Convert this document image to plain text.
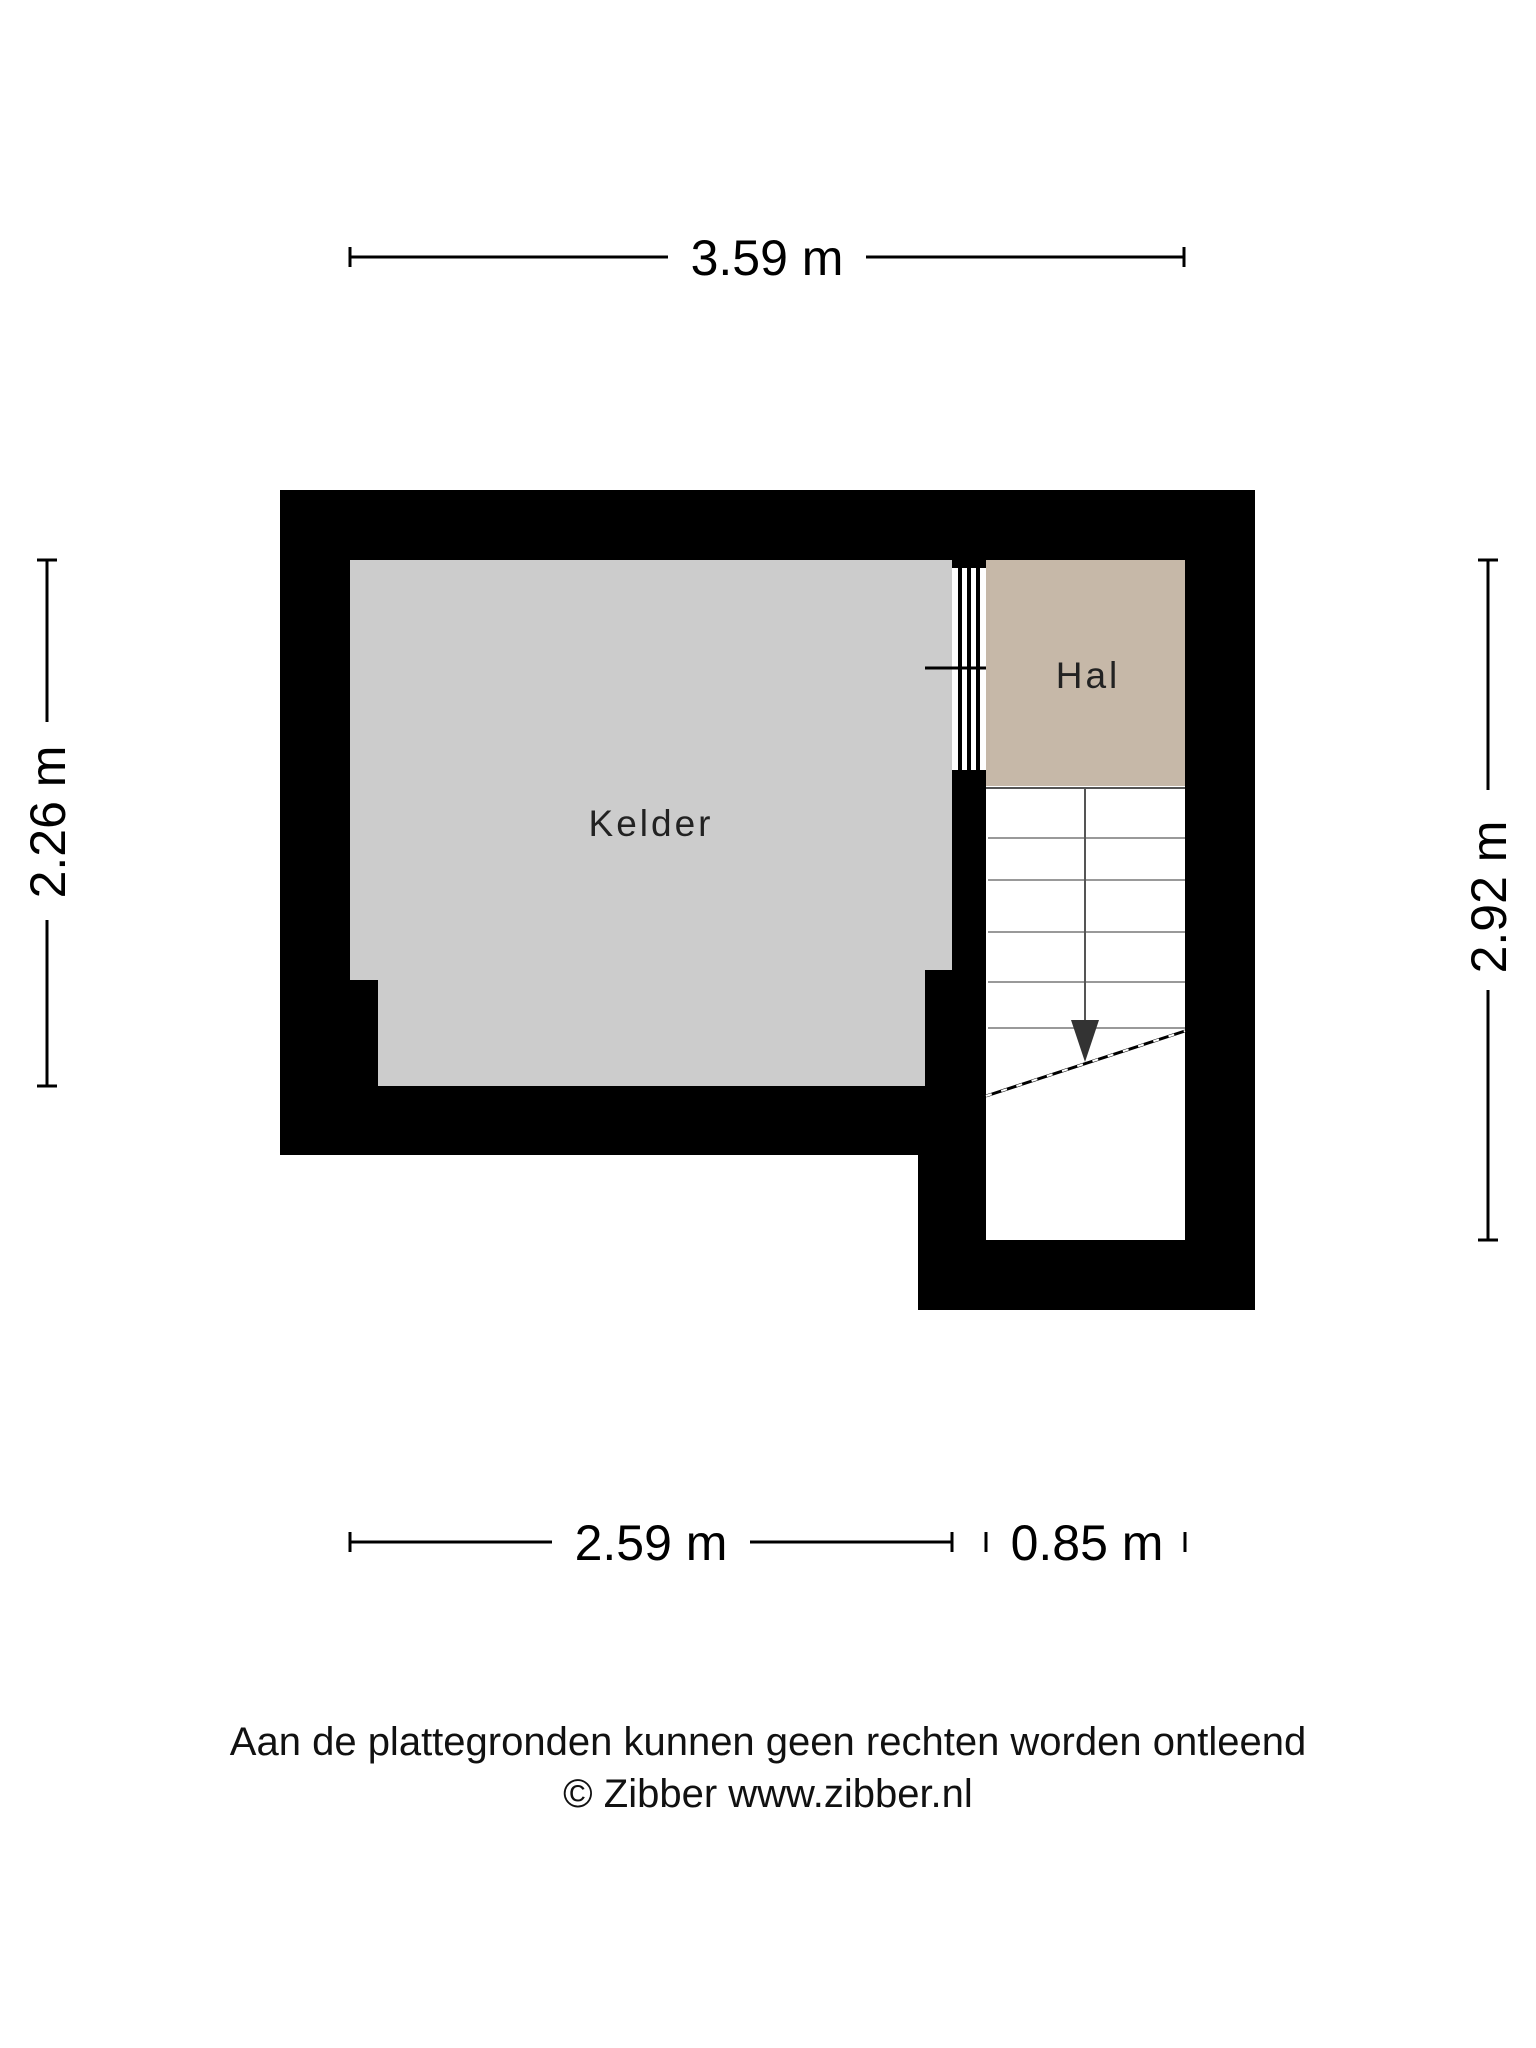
3.59 m
2.26 m	2.92 m
Kelder
Hal
2.59 m	0.85 m
Aan de plattegronden kunnen geen rechten worden ontleend
© Zibber www.zibber.nl
